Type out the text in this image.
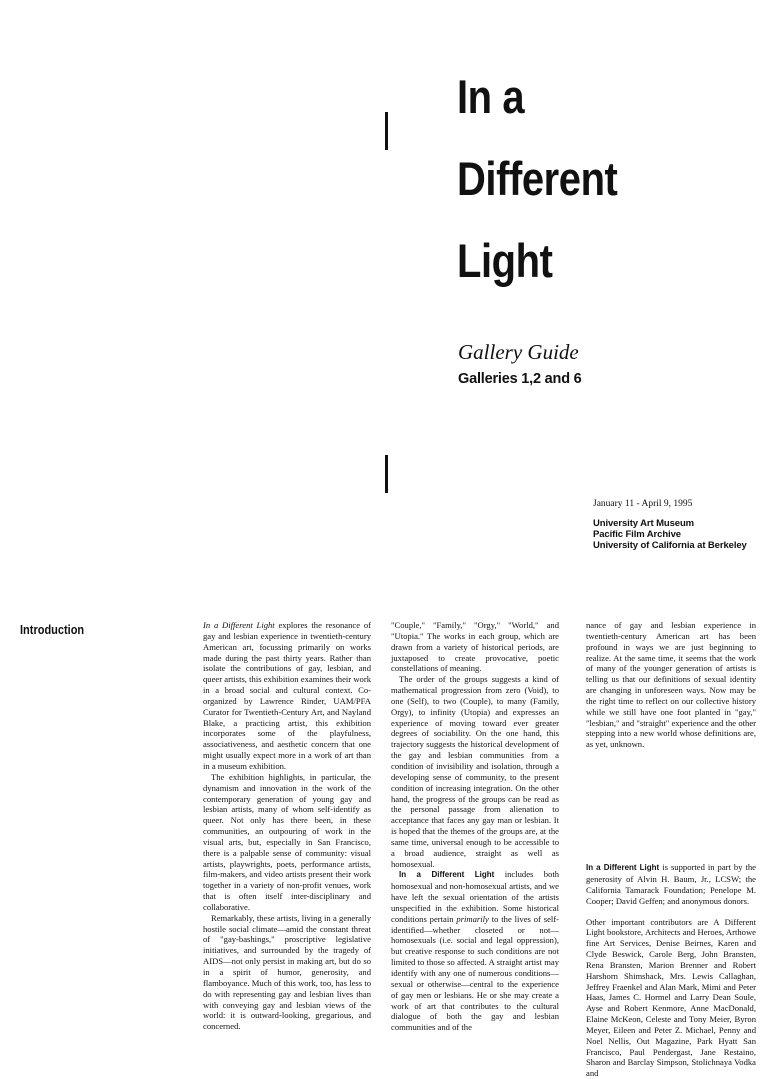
In a
Different
Light
Gallery Guide
Galleries 1,2 and 6
January 11 - April 9, 1995
University Art Museum
Pacific Film Archive
University of California at Berkeley
Introduction	In a Different Light explores the resonance of gay and lesbian experience in twentieth-century American art, focussing primarily on works made during the past thirty years. Rather than isolate the contributions of gay, lesbian, and queer artists, this exhibition examines their work in a broad social and cultural context. Co-organized by Lawrence Rinder, UAM/PFA Curator for Twentieth-Century Art, and Nayland Blake, a practicing artist, this exhibition incorporates some of the playfulness, associativeness, and aesthetic concern that one might usually expect more in a work of art than in a museum exhibition.

The exhibition highlights, in particular, the dynamism and innovation in the work of the contemporary generation of young gay and lesbian artists, many of whom self-identify as queer. Not only has there been, in these communities, an outpouring of work in the visual arts, but, especially in San Francisco, there is a palpable sense of community: visual artists, playwrights, poets, performance artists, film-makers, and video artists present their work together in a variety of non-profit venues, work that is often itself inter-disciplinary and collaborative.

Remarkably, these artists, living in a generally hostile social climate—amid the constant threat of "gay-bashings," proscriptive legislative initiatives, and surrounded by the tragedy of AIDS—not only persist in making art, but do so in a spirit of humor, generosity, and flamboyance. Much of this work, too, has less to do with representing gay and lesbian lives than with conveying gay and lesbian views of the world: it is outward-looking, gregarious, and concerned.

"Couple," "Family," "Orgy," "World," and "Utopia." The works in each group, which are drawn from a variety of historical periods, are juxtaposed to create provocative, poetic constellations of meaning.

The order of the groups suggests a kind of mathematical progression from zero (Void), to one (Self), to two (Couple), to many (Family, Orgy), to infinity (Utopia) and expresses an experience of moving toward ever greater degrees of sociability. On the one hand, this trajectory suggests the historical development of the gay and lesbian communities from a condition of invisibility and isolation, through a developing sense of community, to the present condition of increasing integration. On the other hand, the progress of the groups can be read as the personal passage from alienation to acceptance that faces any gay man or lesbian. It is hoped that the themes of the groups are, at the same time, universal enough to be accessible to a broad audience, straight as well as homosexual.

In a Different Light includes both homosexual and non-homosexual artists, and we have left the sexual orientation of the artists unspecified in the exhibition. Some historical conditions pertain primarily to the lives of self-identified—whether closeted or not—homosexuals (i.e. social and legal oppression), but creative response to such conditions are not limited to those so affected. A straight artist may identify with any one of numerous conditions—sexual or otherwise—central to the experience of gay men or lesbians. He or she may create a work of art that contributes to the cultural dialogue of both the gay and lesbian communities and of the

nance of gay and lesbian experience in twentieth-century American art has been profound in ways we are just beginning to realize. At the same time, it seems that the work of many of the younger generation of artists is telling us that our definitions of sexual identity are changing in unforeseen ways. Now may be the right time to reflect on our collective history while we still have one foot planted in "gay," "lesbian," and "straight" experience and the other stepping into a new world whose definitions are, as yet, unknown.

In a Different Light is supported in part by the generosity of Alvin H. Baum, Jr., LCSW; the California Tamarack Foundation; Penelope M. Cooper; David Geffen; and anonymous donors.

Other important contributors are A Different Light bookstore, Architects and Heroes, Arthowe fine Art Services, Denise Beirnes, Karen and Clyde Beswick, Carole Berg, John Bransten, Rena Bransten, Marion Brenner and Robert Harshorn Shimshack, Mrs. Lewis Callaghan, Jeffrey Fraenkel and Alan Mark, Mimi and Peter Haas, James C. Hormel and Larry Dean Soule, Ayse and Robert Kenmore, Anne MacDonald, Elaine McKeon, Celeste and Tony Meier, Byron Meyer, Eileen and Peter Z. Michael, Penny and Noel Nellis, Out Magazine, Park Hyatt San Francisco, Paul Pendergast, Jane Restaino, Sharon and Barclay Simpson, Stolichnaya Vodka and
